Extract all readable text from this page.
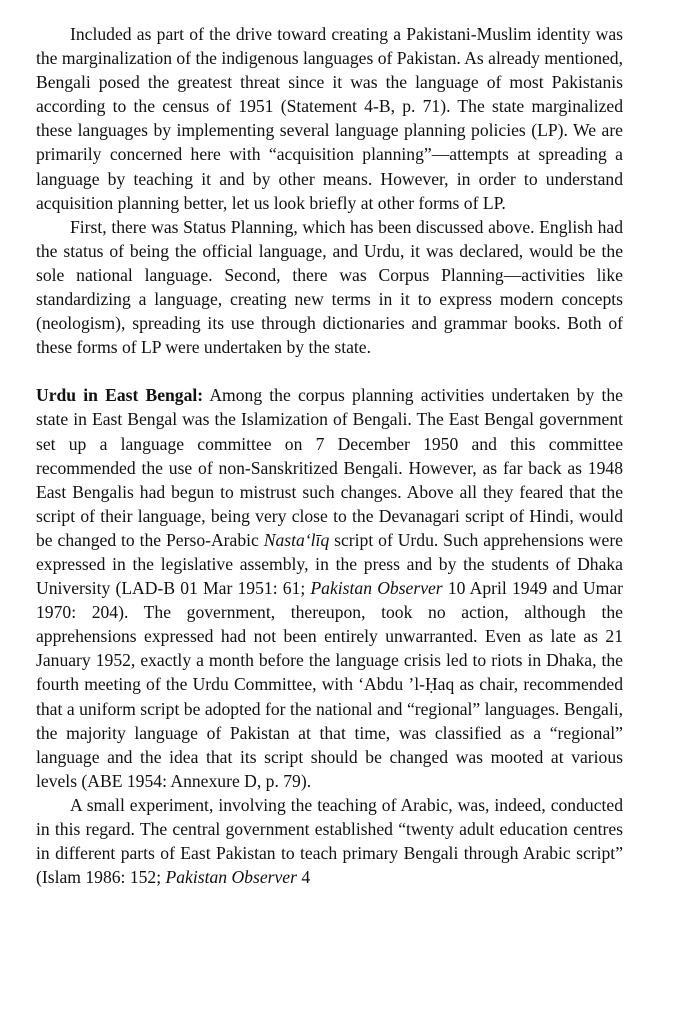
Included as part of the drive toward creating a Pakistani-Muslim identity was the marginalization of the indigenous languages of Pakistan. As already mentioned, Bengali posed the greatest threat since it was the language of most Pakistanis according to the census of 1951 (Statement 4-B, p. 71). The state marginalized these languages by implementing several language planning policies (LP). We are primarily concerned here with “acquisition planning”—attempts at spreading a language by teaching it and by other means. However, in order to understand acquisition planning better, let us look briefly at other forms of LP.

First, there was Status Planning, which has been discussed above. English had the status of being the official language, and Urdu, it was declared, would be the sole national language. Second, there was Corpus Planning—activities like standardizing a language, creating new terms in it to express modern concepts (neologism), spreading its use through dictionaries and grammar books. Both of these forms of LP were undertaken by the state.

Urdu in East Bengal: Among the corpus planning activities undertaken by the state in East Bengal was the Islamization of Bengali. The East Bengal government set up a language committee on 7 December 1950 and this committee recommended the use of non-Sanskritized Bengali. However, as far back as 1948 East Bengalis had begun to mistrust such changes. Above all they feared that the script of their language, being very close to the Devanagari script of Hindi, would be changed to the Perso-Arabic Nastaʻlīq script of Urdu. Such apprehensions were expressed in the legislative assembly, in the press and by the students of Dhaka University (LAD-B 01 Mar 1951: 61; Pakistan Observer 10 April 1949 and Umar 1970: 204). The government, thereupon, took no action, although the apprehensions expressed had not been entirely unwarranted. Even as late as 21 January 1952, exactly a month before the language crisis led to riots in Dhaka, the fourth meeting of the Urdu Committee, with ‘Abdu ’l-Ḥaq as chair, recommended that a uniform script be adopted for the national and “regional” languages. Bengali, the majority language of Pakistan at that time, was classified as a “regional” language and the idea that its script should be changed was mooted at various levels (ABE 1954: Annexure D, p. 79).

A small experiment, involving the teaching of Arabic, was, indeed, conducted in this regard. The central government established “twenty adult education centres in different parts of East Pakistan to teach primary Bengali through Arabic script” (Islam 1986: 152; Pakistan Observer 4
